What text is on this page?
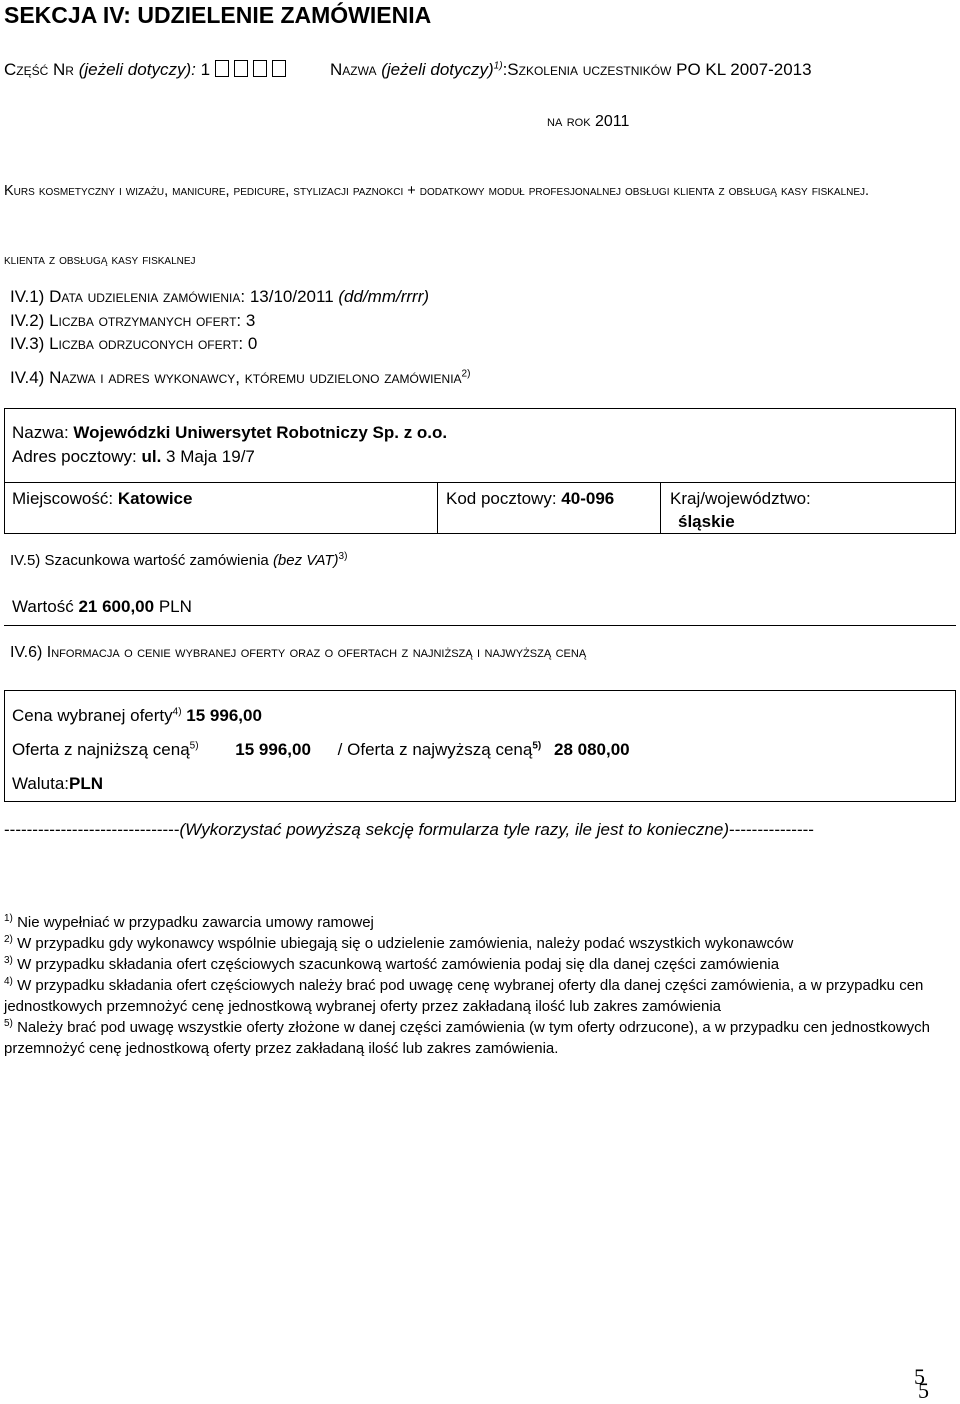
SEKCJA IV: UDZIELENIE ZAMÓWIENIA
Część Nr (jeżeli dotyczy): 1	Nazwa (jeżeli dotyczy)$^{1)}$:Szkolenia uczestników PO KL 2007-2013
na rok 2011
Kurs kosmetyczny i wizażu, manicure, pedicure, stylizacji paznokci + dodatkowy moduł profesjonalnej obsługi klienta z obsługą kasy fiskalnej.
klienta z obsługą kasy fiskalnej
IV.1) Data udzielenia zamówienia: 13/10/2011 (dd/mm/rrrr)
IV.2) Liczba otrzymanych ofert: 3
IV.3) Liczba odrzuconych ofert: 0
IV.4) Nazwa i adres wykonawcy, któremu udzielono zamówienia$^{2)}$
Nazwa: Wojewódzki Uniwersytet Robotniczy Sp. z o.o.
Adres pocztowy: ul. 3 Maja 19/7
Miejscowość: Katowice	Kod pocztowy: 40-096	Kraj/województwo:
śląskie
IV.5) Szacunkowa wartość zamówienia (bez VAT)$^{3)}$
Wartość 21 600,00 PLN
IV.6) Informacja o cenie wybranej oferty oraz o ofertach z najniższą i najwyższą ceną
Cena wybranej oferty$^{4)}$ 15 996,00
Oferta z najniższą ceną$^{5)}$ 15 996,00 / Oferta z najwyższą ceną$^{5)}$ 28 080,00
Waluta:PLN
-------------------------------(Wykorzystać powyższą sekcję formularza tyle razy, ile jest to konieczne)---------------

$^{1)}$ Nie wypełniać w przypadku zawarcia umowy ramowej

$^{2)}$ W przypadku gdy wykonawcy wspólnie ubiegają się o udzielenie zamówienia, należy podać wszystkich wykonawców

$^{3)}$ W przypadku składania ofert częściowych szacunkową wartość zamówienia podaj się dla danej części zamówienia

$^{4)}$ W przypadku składania ofert częściowych należy brać pod uwagę cenę wybranej oferty dla danej części zamówienia, a w przypadku cen jednostkowych przemnożyć cenę jednostkową wybranej oferty przez zakładaną ilość lub zakres zamówienia

$^{5)}$ Należy brać pod uwagę wszystkie oferty złożone w danej części zamówienia (w tym oferty odrzucone), a w przypadku cen jednostkowych przemnożyć cenę jednostkową oferty przez zakładaną ilość lub zakres zamówienia.

5
5
